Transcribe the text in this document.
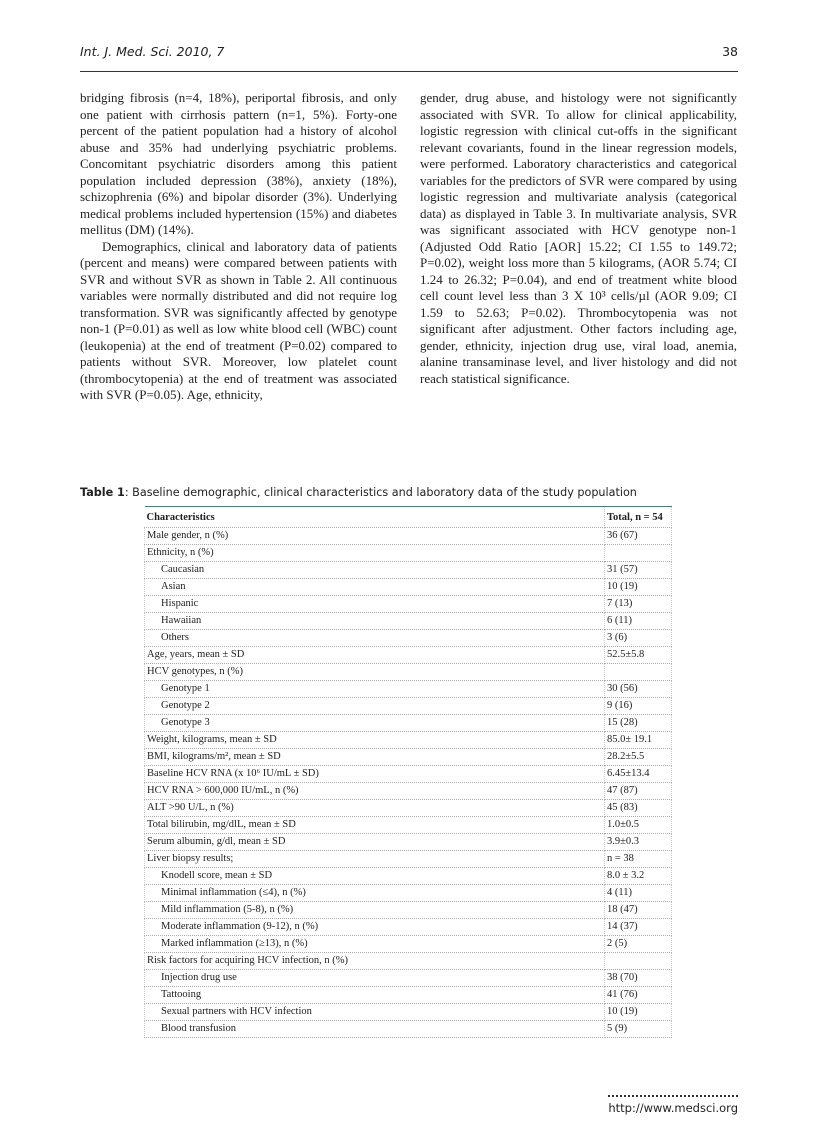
Int. J. Med. Sci. 2010, 7	38

bridging fibrosis (n=4, 18%), periportal fibrosis, and only one patient with cirrhosis pattern (n=1, 5%). Forty-one percent of the patient population had a history of alcohol abuse and 35% had underlying psychiatric problems. Concomitant psychiatric disorders among this patient population included depression (38%), anxiety (18%), schizophrenia (6%) and bipolar disorder (3%). Underlying medical problems included hypertension (15%) and diabetes mellitus (DM) (14%).

Demographics, clinical and laboratory data of patients (percent and means) were compared between patients with SVR and without SVR as shown in Table 2. All continuous variables were normally distributed and did not require log transformation. SVR was significantly affected by genotype non-1 (P=0.01) as well as low white blood cell (WBC) count (leukopenia) at the end of treatment (P=0.02) compared to patients without SVR. Moreover, low platelet count (thrombocytopenia) at the end of treatment was associated with SVR (P=0.05). Age, ethnicity,

gender, drug abuse, and histology were not significantly associated with SVR. To allow for clinical applicability, logistic regression with clinical cut-offs in the significant relevant covariants, found in the linear regression models, were performed. Laboratory characteristics and categorical variables for the predictors of SVR were compared by using logistic regression and multivariate analysis (categorical data) as displayed in Table 3. In multivariate analysis, SVR was significant associated with HCV genotype non-1 (Adjusted Odd Ratio [AOR] 15.22; CI 1.55 to 149.72; P=0.02), weight loss more than 5 kilograms, (AOR 5.74; CI 1.24 to 26.32; P=0.04), and end of treatment white blood cell count level less than 3 X 10³ cells/µl (AOR 9.09; CI 1.59 to 52.63; P=0.02). Thrombocytopenia was not significant after adjustment. Other factors including age, gender, ethnicity, injection drug use, viral load, anemia, alanine transaminase level, and liver histology and did not reach statistical significance.

Table 1: Baseline demographic, clinical characteristics and laboratory data of the study population
Characteristics	Total, n = 54
Male gender, n (%)	36 (67)
Ethnicity, n (%)	
Caucasian	31 (57)
Asian	10 (19)
Hispanic	7 (13)
Hawaiian	6 (11)
Others	3 (6)
Age, years, mean ± SD	52.5±5.8
HCV genotypes, n (%)	
Genotype 1	30 (56)
Genotype 2	9 (16)
Genotype 3	15 (28)
Weight, kilograms, mean ± SD	85.0± 19.1
BMI, kilograms/m², mean ± SD	28.2±5.5
Baseline HCV RNA (x 10⁶ IU/mL ± SD)	6.45±13.4
HCV RNA > 600,000 IU/mL, n (%)	47 (87)
ALT >90 U/L, n (%)	45 (83)
Total bilirubin, mg/dlL, mean ± SD	1.0±0.5
Serum albumin, g/dl, mean ± SD	3.9±0.3
Liver biopsy results;	n = 38
Knodell score, mean ± SD	8.0 ± 3.2
Minimal inflammation (≤4), n (%)	4 (11)
Mild inflammation (5-8), n (%)	18 (47)
Moderate inflammation (9-12), n (%)	14 (37)
Marked inflammation (≥13), n (%)	2 (5)
Risk factors for acquiring HCV infection, n (%)	
Injection drug use	38 (70)
Tattooing	41 (76)
Sexual partners with HCV infection	10 (19)
Blood transfusion	5 (9)
http://www.medsci.org
